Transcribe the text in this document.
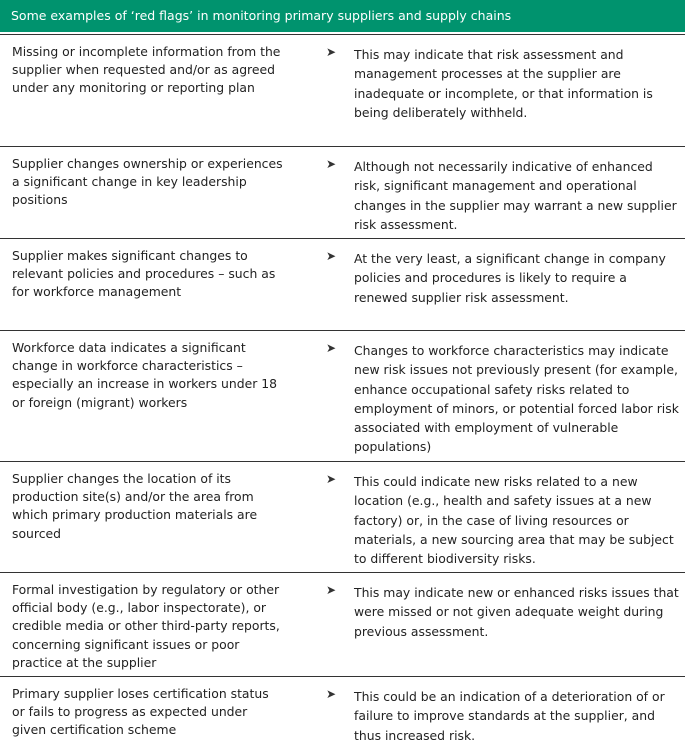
Some examples of ‘red flags’ in monitoring primary suppliers and supply chains
Missing or incomplete information from the supplier when requested and/or as agreed under any monitoring or reporting plan
➤ This may indicate that risk assessment and management processes at the supplier are inadequate or incomplete, or that information is being deliberately withheld.
Supplier changes ownership or experiences a significant change in key leadership positions
➤ Although not necessarily indicative of enhanced risk, significant management and operational changes in the supplier may warrant a new supplier risk assessment.
Supplier makes significant changes to relevant policies and procedures – such as for workforce management
➤ At the very least, a significant change in company policies and procedures is likely to require a renewed supplier risk assessment.
Workforce data indicates a significant change in workforce characteristics – especially an increase in workers under 18 or foreign (migrant) workers
➤ Changes to workforce characteristics may indicate new risk issues not previously present (for example, enhance occupational safety risks related to employment of minors, or potential forced labor risk associated with employment of vulnerable populations)
Supplier changes the location of its production site(s) and/or the area from which primary production materials are sourced
➤ This could indicate new risks related to a new location (e.g., health and safety issues at a new factory) or, in the case of living resources or materials, a new sourcing area that may be subject to different biodiversity risks.
Formal investigation by regulatory or other official body (e.g., labor inspectorate), or credible media or other third-party reports, concerning significant issues or poor practice at the supplier
➤ This may indicate new or enhanced risks issues that were missed or not given adequate weight during previous assessment.
Primary supplier loses certification status or fails to progress as expected under given certification scheme
➤ This could be an indication of a deterioration of or failure to improve standards at the supplier, and thus increased risk.
